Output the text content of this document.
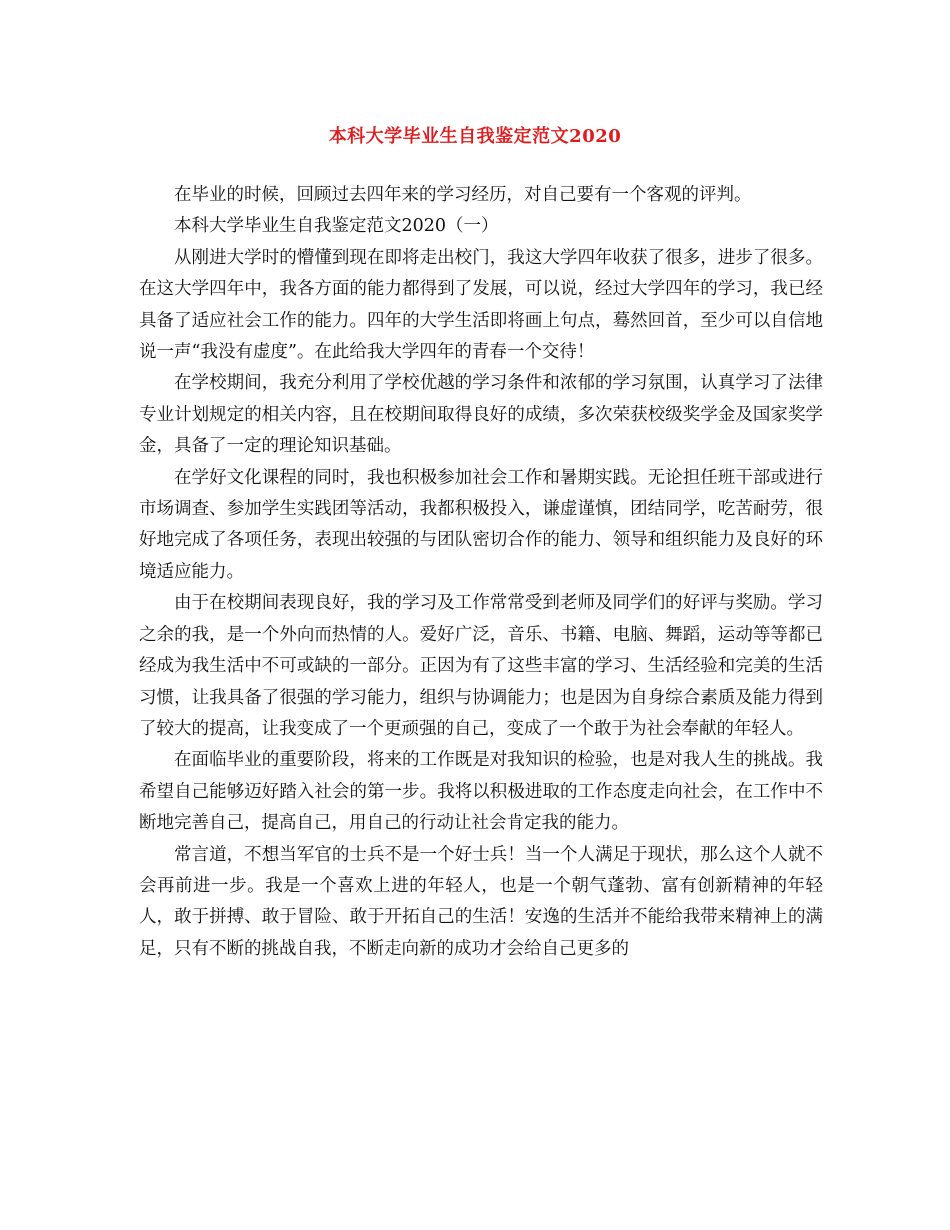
本科大学毕业生自我鉴定范文2020

在毕业的时候，回顾过去四年来的学习经历，对自己要有一个客观的评判。

本科大学毕业生自我鉴定范文2020（一）

从刚进大学时的懵懂到现在即将走出校门，我这大学四年收获了很多，进步了很多。在这大学四年中，我各方面的能力都得到了发展，可以说，经过大学四年的学习，我已经具备了适应社会工作的能力。四年的大学生活即将画上句点，蓦然回首，至少可以自信地说一声“我没有虚度”。在此给我大学四年的青春一个交待！

在学校期间，我充分利用了学校优越的学习条件和浓郁的学习氛围，认真学习了法律专业计划规定的相关内容，且在校期间取得良好的成绩，多次荣获校级奖学金及国家奖学金，具备了一定的理论知识基础。

在学好文化课程的同时，我也积极参加社会工作和暑期实践。无论担任班干部或进行市场调查、参加学生实践团等活动，我都积极投入，谦虚谨慎，团结同学，吃苦耐劳，很好地完成了各项任务，表现出较强的与团队密切合作的能力、领导和组织能力及良好的环境适应能力。

由于在校期间表现良好，我的学习及工作常常受到老师及同学们的好评与奖励。学习之余的我，是一个外向而热情的人。爱好广泛，音乐、书籍、电脑、舞蹈，运动等等都已经成为我生活中不可或缺的一部分。正因为有了这些丰富的学习、生活经验和完美的生活习惯，让我具备了很强的学习能力，组织与协调能力；也是因为自身综合素质及能力得到了较大的提高，让我变成了一个更顽强的自己，变成了一个敢于为社会奉献的年轻人。

在面临毕业的重要阶段，将来的工作既是对我知识的检验，也是对我人生的挑战。我希望自己能够迈好踏入社会的第一步。我将以积极进取的工作态度走向社会，在工作中不断地完善自己，提高自己，用自己的行动让社会肯定我的能力。

常言道，不想当军官的士兵不是一个好士兵！当一个人满足于现状，那么这个人就不会再前进一步。我是一个喜欢上进的年轻人，也是一个朝气蓬勃、富有创新精神的年轻人，敢于拼搏、敢于冒险、敢于开拓自己的生活！安逸的生活并不能给我带来精神上的满足，只有不断的挑战自我，不断走向新的成功才会给自己更多的
